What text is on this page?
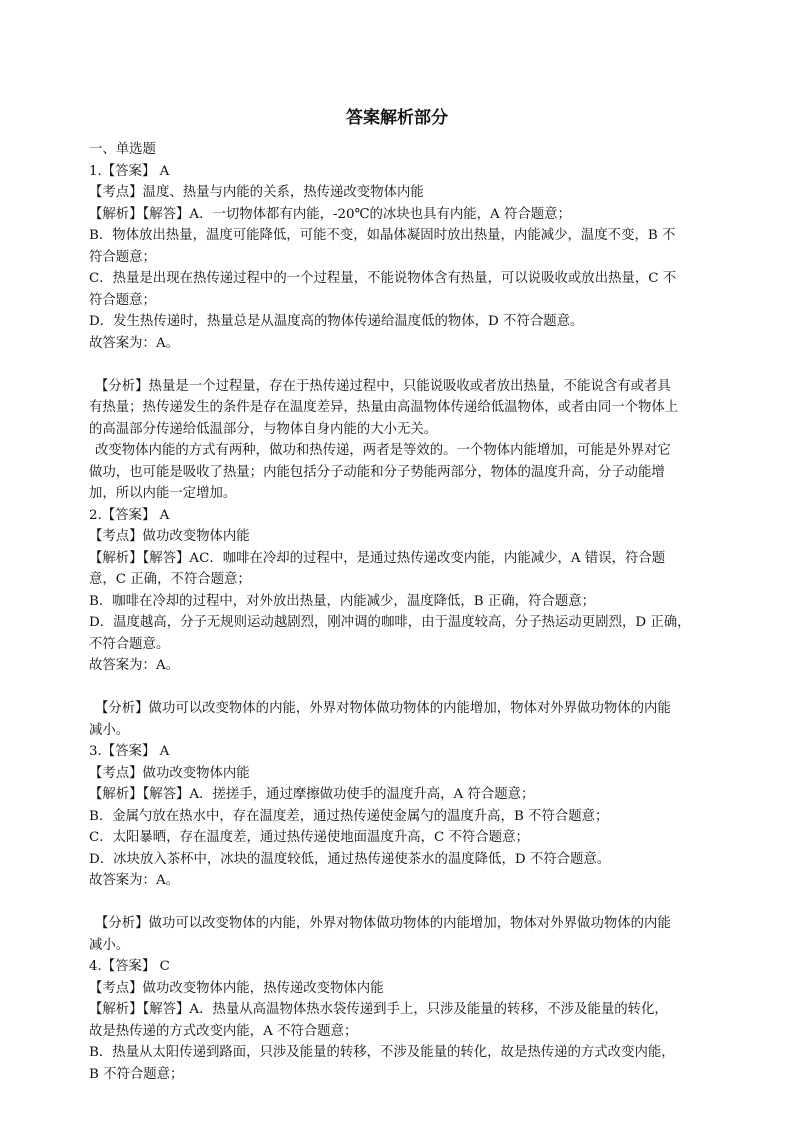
答案解析部分
一、单选题
1.【答案】 A
【考点】温度、热量与内能的关系，热传递改变物体内能
【解析】【解答】A．一切物体都有内能，-20℃的冰块也具有内能，A 符合题意；
B．物体放出热量，温度可能降低，可能不变，如晶体凝固时放出热量，内能减少，温度不变，B 不
符合题意；
C．热量是出现在热传递过程中的一个过程量，不能说物体含有热量，可以说吸收或放出热量，C 不
符合题意；
D．发生热传递时，热量总是从温度高的物体传递给温度低的物体，D 不符合题意。
故答案为：A。
【分析】热量是一个过程量，存在于热传递过程中，只能说吸收或者放出热量，不能说含有或者具
有热量；热传递发生的条件是存在温度差异，热量由高温物体传递给低温物体，或者由同一个物体上
的高温部分传递给低温部分，与物体自身内能的大小无关。
改变物体内能的方式有两种，做功和热传递，两者是等效的。一个物体内能增加，可能是外界对它
做功，也可能是吸收了热量；内能包括分子动能和分子势能两部分，物体的温度升高，分子动能增
加，所以内能一定增加。
2.【答案】 A
【考点】做功改变物体内能
【解析】【解答】AC．咖啡在冷却的过程中，是通过热传递改变内能，内能减少，A 错误，符合题
意，C 正确，不符合题意；
B．咖啡在冷却的过程中，对外放出热量，内能减少，温度降低，B 正确，符合题意；
D．温度越高，分子无规则运动越剧烈，刚冲调的咖啡，由于温度较高，分子热运动更剧烈，D 正确，
不符合题意。
故答案为：A。
【分析】做功可以改变物体的内能，外界对物体做功物体的内能增加，物体对外界做功物体的内能
减小。
3.【答案】 A
【考点】做功改变物体内能
【解析】【解答】A．搓搓手，通过摩擦做功使手的温度升高，A 符合题意；
B．金属勺放在热水中，存在温度差，通过热传递使金属勺的温度升高，B 不符合题意；
C．太阳暴晒，存在温度差，通过热传递使地面温度升高，C 不符合题意；
D．冰块放入茶杯中，冰块的温度较低，通过热传递使茶水的温度降低，D 不符合题意。
故答案为：A。
【分析】做功可以改变物体的内能，外界对物体做功物体的内能增加，物体对外界做功物体的内能
减小。
4.【答案】 C
【考点】做功改变物体内能，热传递改变物体内能
【解析】【解答】A．热量从高温物体热水袋传递到手上，只涉及能量的转移，不涉及能量的转化，
故是热传递的方式改变内能，A 不符合题意；
B．热量从太阳传递到路面，只涉及能量的转移，不涉及能量的转化，故是热传递的方式改变内能，
B 不符合题意；
